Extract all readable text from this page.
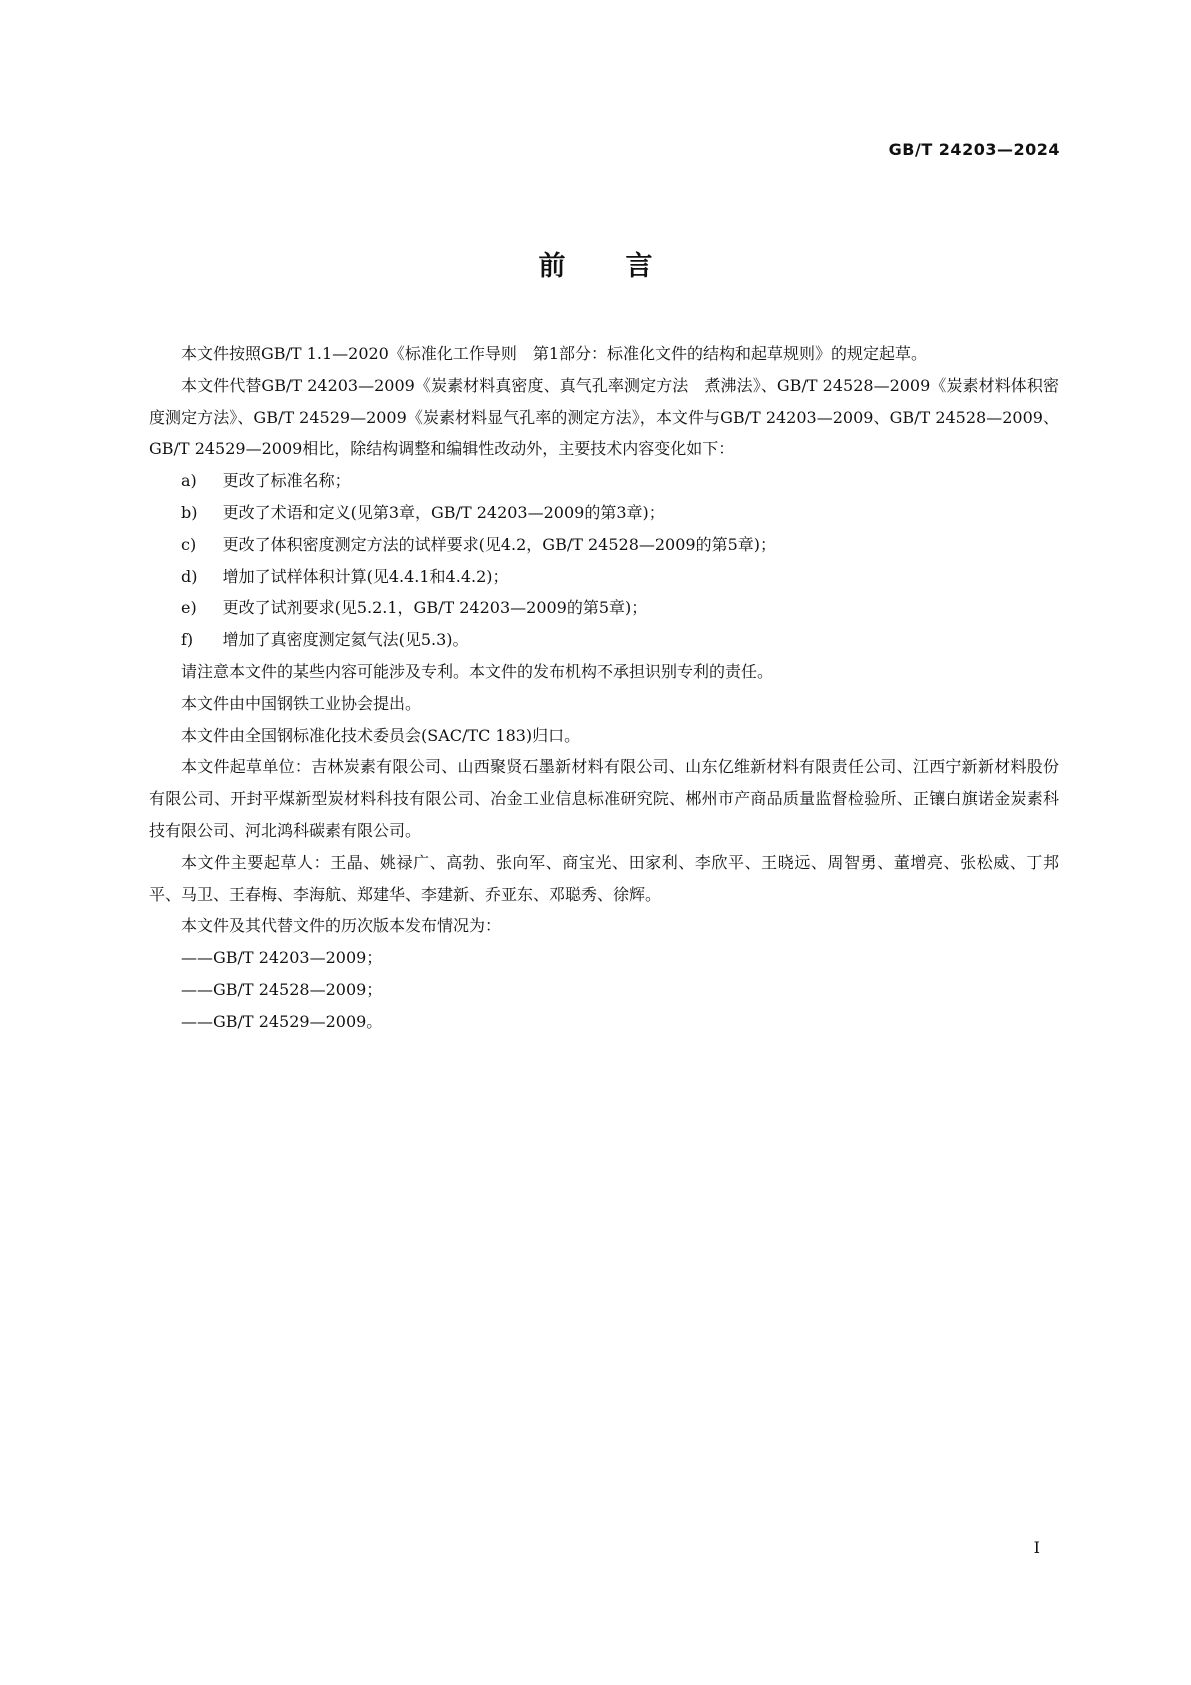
GB/T 24203—2024
前言

本文件按照GB/T 1.1—2020《标准化工作导则　第1部分：标准化文件的结构和起草规则》的规定起草。

本文件代替GB/T 24203—2009《炭素材料真密度、真气孔率测定方法　煮沸法》、GB/T 24528—2009《炭素材料体积密度测定方法》、GB/T 24529—2009《炭素材料显气孔率的测定方法》，本文件与GB/T 24203—2009、GB/T 24528—2009、GB/T 24529—2009相比，除结构调整和编辑性改动外，主要技术内容变化如下：

a) 更改了标准名称；

b) 更改了术语和定义(见第3章，GB/T 24203—2009的第3章)；

c) 更改了体积密度测定方法的试样要求(见4.2，GB/T 24528—2009的第5章)；

d) 增加了试样体积计算(见4.4.1和4.4.2)；

e) 更改了试剂要求(见5.2.1，GB/T 24203—2009的第5章)；

f) 增加了真密度测定氦气法(见5.3)。

请注意本文件的某些内容可能涉及专利。本文件的发布机构不承担识别专利的责任。

本文件由中国钢铁工业协会提出。

本文件由全国钢标准化技术委员会(SAC/TC 183)归口。

本文件起草单位：吉林炭素有限公司、山西聚贤石墨新材料有限公司、山东亿维新材料有限责任公司、江西宁新新材料股份有限公司、开封平煤新型炭材料科技有限公司、冶金工业信息标准研究院、郴州市产商品质量监督检验所、正镶白旗诺金炭素科技有限公司、河北鸿科碳素有限公司。

本文件主要起草人：王晶、姚禄广、高勃、张向军、商宝光、田家利、李欣平、王晓远、周智勇、董增亮、张松威、丁邦平、马卫、王春梅、李海航、郑建华、李建新、乔亚东、邓聪秀、徐辉。

本文件及其代替文件的历次版本发布情况为：

——GB/T 24203—2009；

——GB/T 24528—2009；

——GB/T 24529—2009。

I
